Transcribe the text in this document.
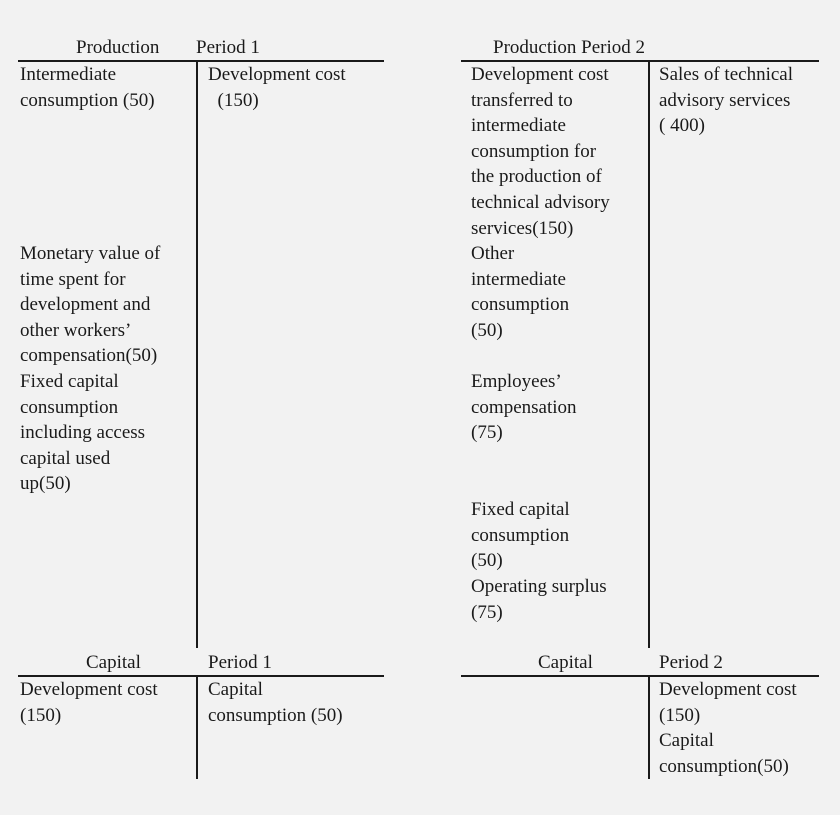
Production Period 1
Intermediate
consumption (50)
Monetary value of
time spent for
development and
other workers’
compensation(50)
Fixed capital
consumption
including access
capital used
up(50)
Development cost
(150)
Production Period 2
Development cost
transferred to
intermediate
consumption for
the production of
technical advisory
services(150)
Other
intermediate
consumption
(50)
Employees’
compensation
(75)
Fixed capital
consumption
(50)
Operating surplus
(75)
Sales of technical
advisory services
( 400)
Capital	Period 1
Development cost
(150)
Capital
consumption (50)
Capital	Period 2
Development cost
(150)
Capital
consumption(50)
